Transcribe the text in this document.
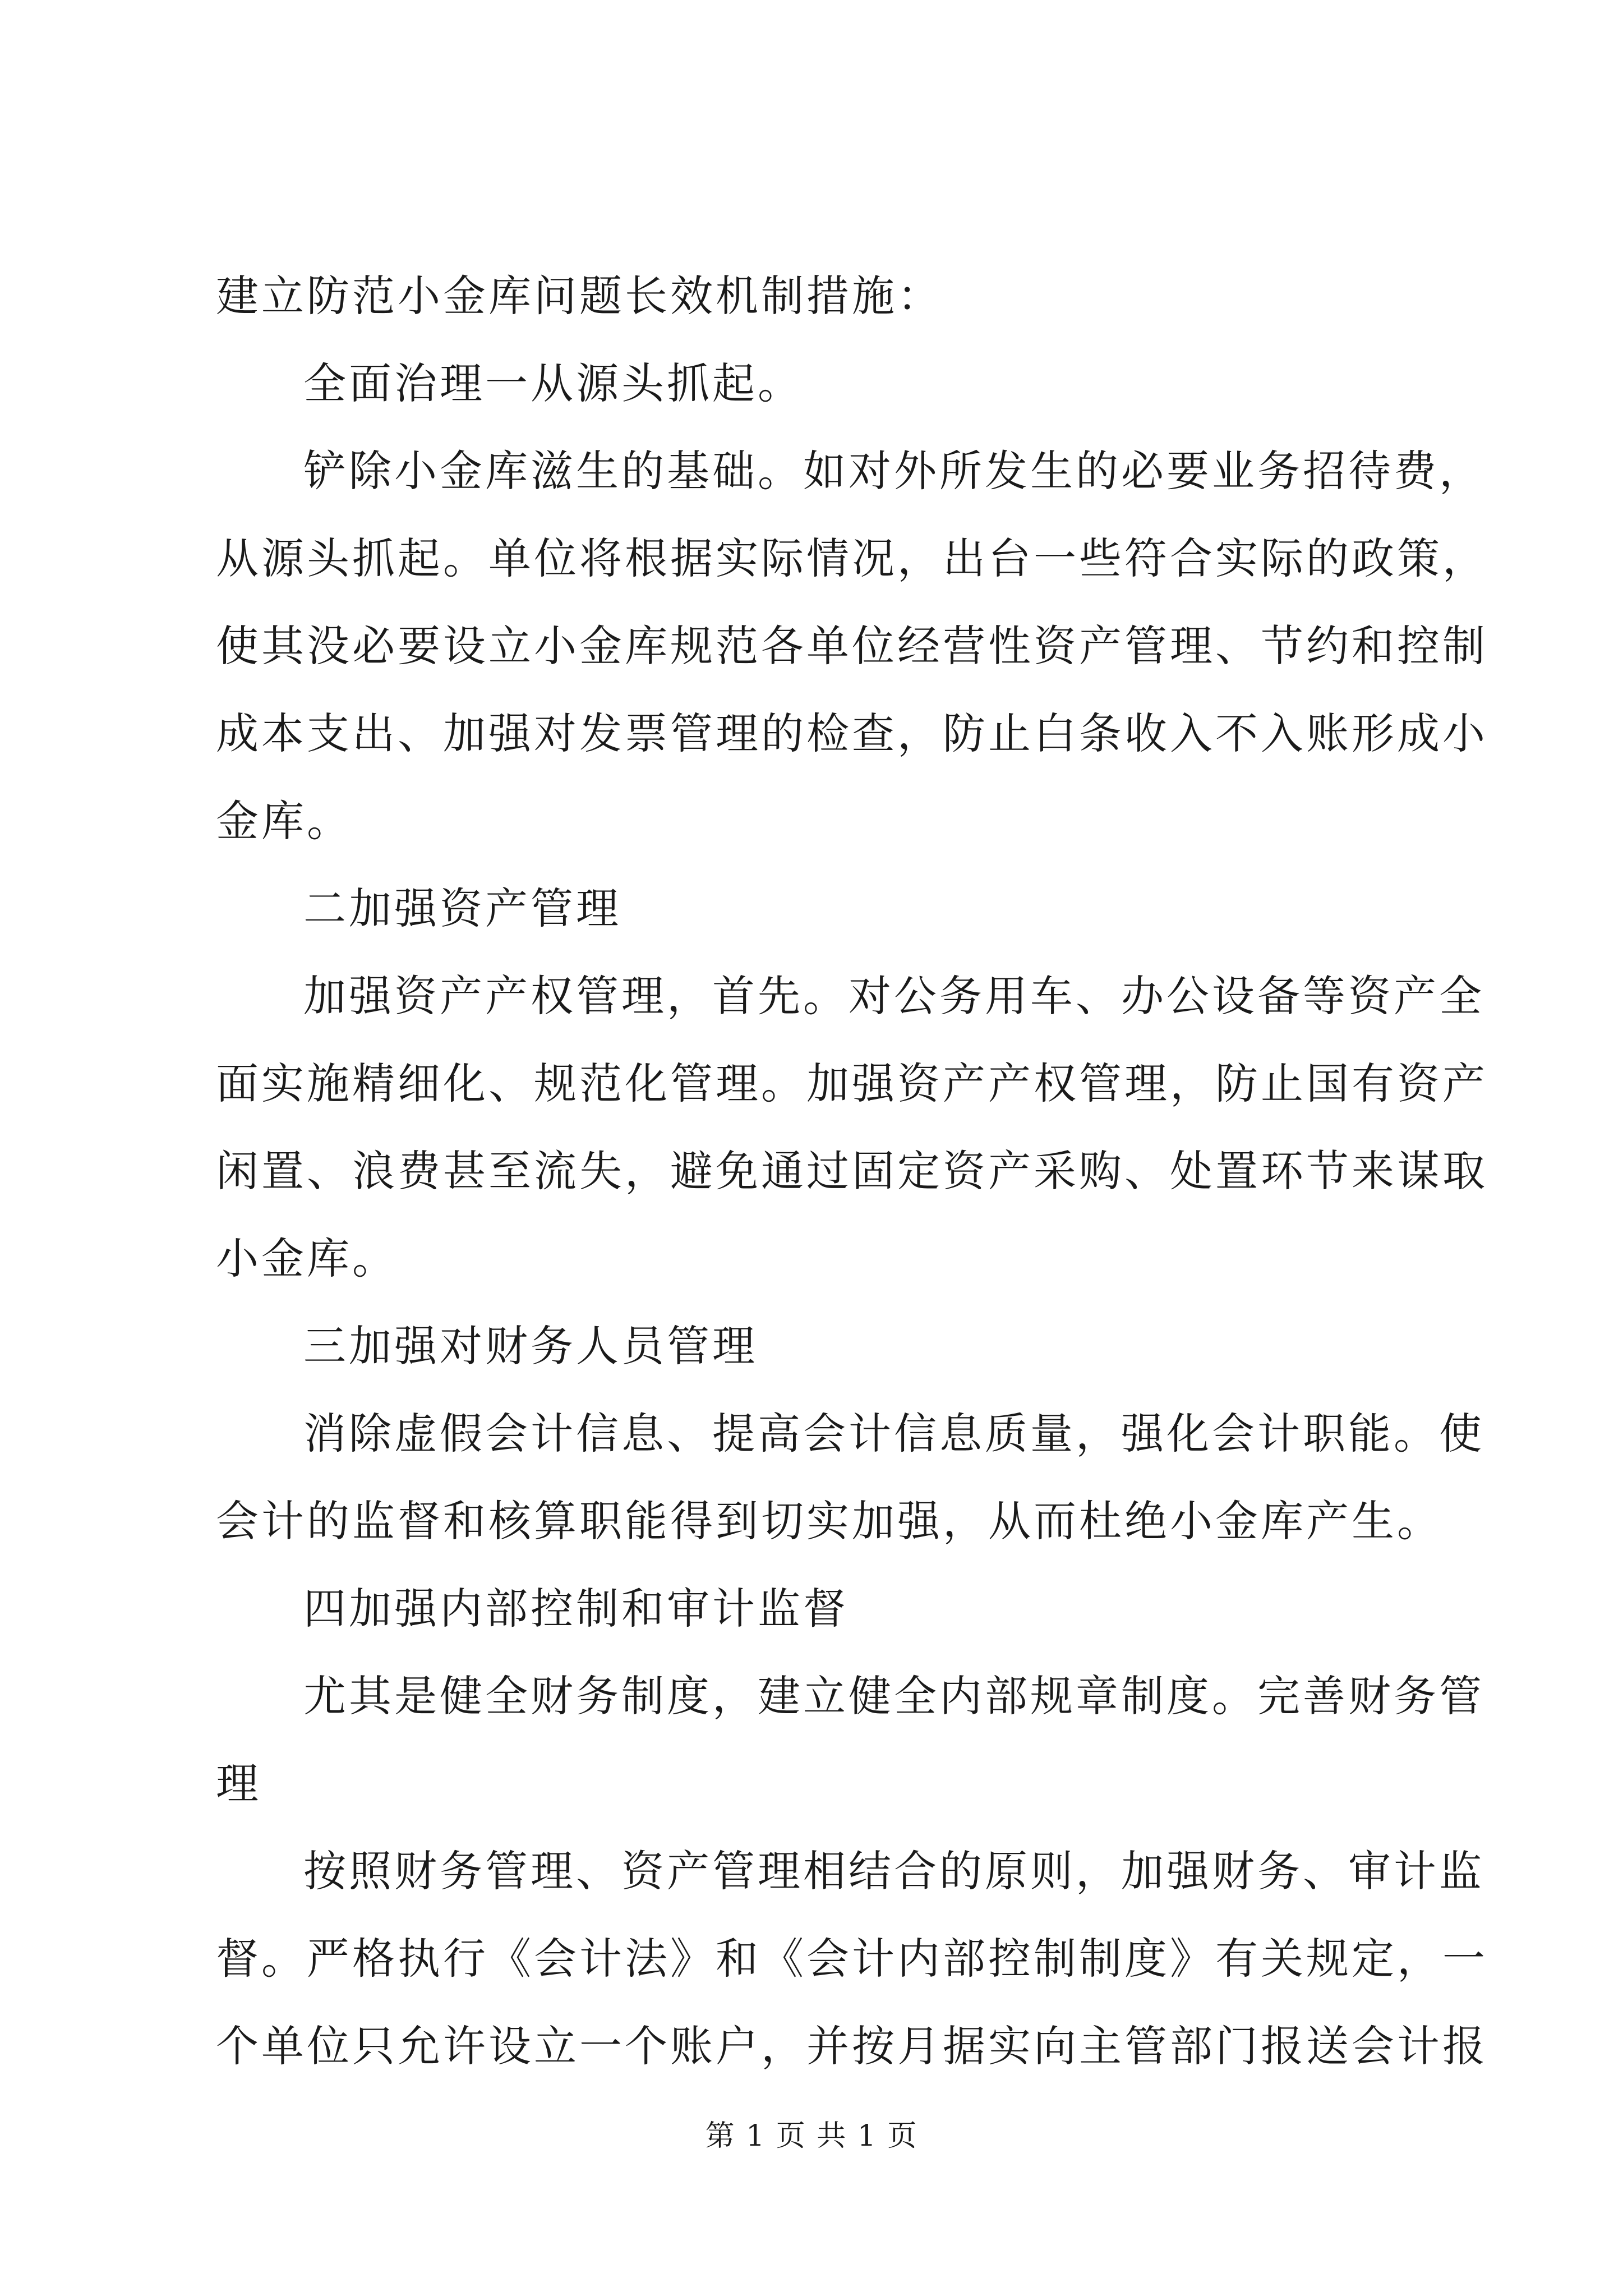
建立防范小金库问题长效机制措施：
全面治理一从源头抓起。
铲除小金库滋生的基础。如对外所发生的必要业务招待费，
从源头抓起。单位将根据实际情况，出台一些符合实际的政策，
使其没必要设立小金库规范各单位经营性资产管理、节约和控制
成本支出、加强对发票管理的检查，防止白条收入不入账形成小
金库。
二加强资产管理
加强资产产权管理，首先。对公务用车、办公设备等资产全
面实施精细化、规范化管理。加强资产产权管理，防止国有资产
闲置、浪费甚至流失，避免通过固定资产采购、处置环节来谋取
小金库。
三加强对财务人员管理
消除虚假会计信息、提高会计信息质量，强化会计职能。使
会计的监督和核算职能得到切实加强，从而杜绝小金库产生。
四加强内部控制和审计监督
尤其是健全财务制度，建立健全内部规章制度。完善财务管
理
按照财务管理、资产管理相结合的原则，加强财务、审计监
督。严格执行《会计法》和《会计内部控制制度》有关规定，一
个单位只允许设立一个账户，并按月据实向主管部门报送会计报
第 1 页 共 1 页
